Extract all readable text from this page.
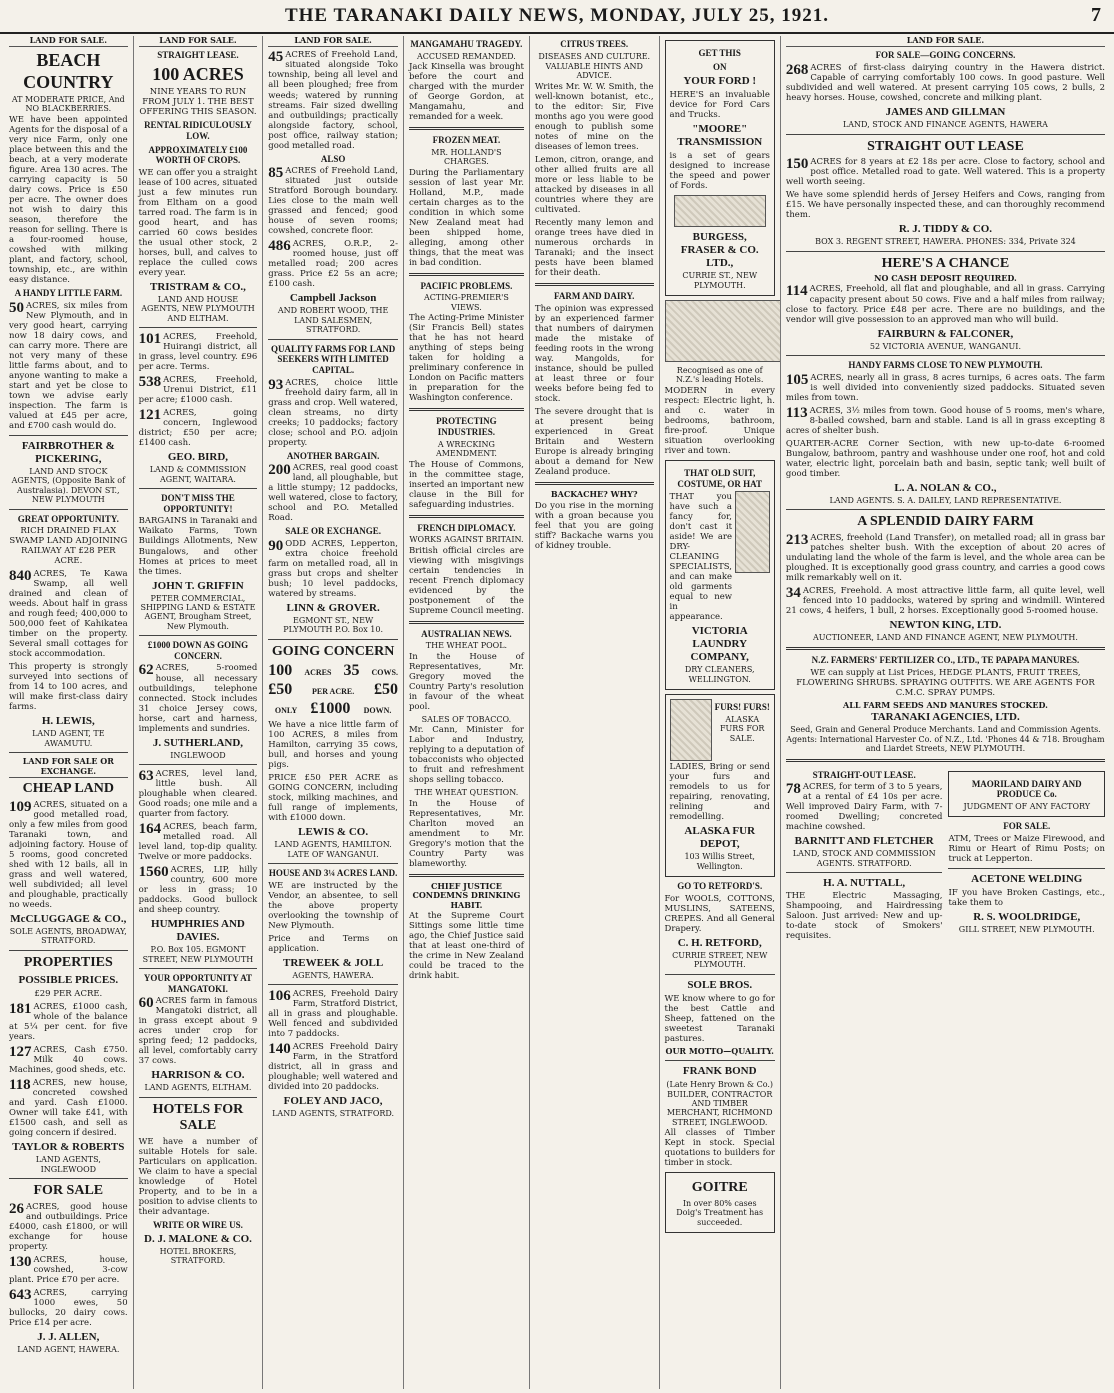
THE TARANAKI DAILY NEWS, MONDAY, JULY 25, 1921.	7
LAND FOR SALE.
BEACH COUNTRY
AT MODERATE PRICE, And NO BLACKBERRIES.
WE have been appointed Agents for the disposal of a very nice Farm, only one place between this and the beach, at a very moderate figure. Area 130 acres. The carrying capacity is 50 dairy cows. Price is £50 per acre. The owner does not wish to dairy this season, therefore the reason for selling. There is a four-roomed house, cowshed with milking plant, and factory, school, township, etc., are within easy distance.
A HANDY LITTLE FARM.
50 ACRES, six miles from New Plymouth, and in very good heart, carrying now 18 dairy cows, and can carry more. There are not very many of these little farms about, and to anyone wanting to make a start and yet be close to town we advise early inspection. The farm is valued at £45 per acre, and £700 cash would do.
FAIRBROTHER & PICKERING,
LAND AND STOCK AGENTS, (Opposite Bank of Australasia). DEVON ST., NEW PLYMOUTH
GREAT OPPORTUNITY.
RICH DRAINED FLAX SWAMP LAND ADJOINING RAILWAY AT £28 PER ACRE.
840 ACRES, Te Kawa Swamp, all well drained and clean of weeds. About half in grass and rough feed; 400,000 to 500,000 feet of Kahikatea timber on the property. Several small cottages for stock accommodation.
This property is strongly surveyed into sections of from 14 to 100 acres, and will make first-class dairy farms.
H. LEWIS,
LAND AGENT, TE AWAMUTU.
LAND FOR SALE OR EXCHANGE.
CHEAP LAND
109 ACRES, situated on a good metalled road, only a few miles from good Taranaki town, and adjoining factory. House of 5 rooms, good concreted shed with 12 bails, all in grass and well watered, well subdivided; all level and ploughable, practically no weeds.
McCLUGGAGE & CO.,
SOLE AGENTS, BROADWAY, STRATFORD.
PROPERTIES
POSSIBLE PRICES.
£29 PER ACRE.
181 ACRES, £1000 cash, whole of the balance at 5¼ per cent. for five years.
127 ACRES, Cash £750. Milk 40 cows. Machines, good sheds, etc.
118 ACRES, new house, concreted cowshed and yard. Cash £1000. Owner will take £41, with £1500 cash, and sell as going concern if desired.
TAYLOR & ROBERTS
LAND AGENTS, INGLEWOOD
FOR SALE
26 ACRES, good house and outbuildings. Price £4000, cash £1800, or will exchange for house property.
130 ACRES, house, cowshed, 3-cow plant. Price £70 per acre.
643 ACRES, carrying 1000 ewes, 50 bullocks, 20 dairy cows. Price £14 per acre.
J. J. ALLEN,
LAND AGENT, HAWERA.
LAND FOR SALE.
STRAIGHT LEASE.
100 ACRES
NINE YEARS TO RUN FROM JULY 1. THE BEST OFFERING THIS SEASON.
RENTAL RIDICULOUSLY LOW.
APPROXIMATELY £100 WORTH OF CROPS.
WE can offer you a straight lease of 100 acres, situated just a few minutes run from Eltham on a good tarred road. The farm is in good heart, and has carried 60 cows besides the usual other stock, 2 horses, bull, and calves to replace the culled cows every year.
TRISTRAM & CO.,
LAND AND HOUSE AGENTS, NEW PLYMOUTH AND ELTHAM.
101 ACRES, Freehold, Huirangi district, all in grass, level country. £96 per acre. Terms.
538 ACRES, Freehold, Urenui District, £11 per acre; £1000 cash.
121 ACRES, going concern, Inglewood district; £50 per acre; £1400 cash.
GEO. BIRD,
LAND & COMMISSION AGENT, WAITARA.
DON'T MISS THE OPPORTUNITY!
BARGAINS in Taranaki and Waikato Farms, Town Buildings Allotments, New Bungalows, and other Homes at prices to meet the times.
JOHN T. GRIFFIN
PETER COMMERCIAL, SHIPPING LAND & ESTATE AGENT, Brougham Street, New Plymouth.
£1000 DOWN AS GOING CONCERN.
62 ACRES, 5-roomed house, all necessary outbuildings, telephone connected. Stock includes 31 choice Jersey cows, horse, cart and harness, implements and sundries.
J. SUTHERLAND,
INGLEWOOD
63 ACRES, level land, little bush. All ploughable when cleared. Good roads; one mile and a quarter from factory.
164 ACRES, beach farm, metalled road. All level land, top-dip quality. Twelve or more paddocks.
1560 ACRES, LIP, hilly country, 600 more or less in grass; 10 paddocks. Good bullock and sheep country.
HUMPHRIES AND DAVIES.
P.O. Box 105. EGMONT STREET, NEW PLYMOUTH
YOUR OPPORTUNITY AT MANGATOKI.
60 ACRES farm in famous Mangatoki district, all in grass except about 9 acres under crop for spring feed; 12 paddocks, all level, comfortably carry 37 cows.
HARRISON & CO.
LAND AGENTS, ELTHAM.
HOTELS FOR SALE
WE have a number of suitable Hotels for sale. Particulars on application. We claim to have a special knowledge of Hotel Property, and to be in a position to advise clients to their advantage.
WRITE OR WIRE US.
D. J. MALONE & CO.
HOTEL BROKERS, STRATFORD.
LAND FOR SALE.
45 ACRES of Freehold Land, situated alongside Toko township, being all level and all been ploughed; free from weeds; watered by running streams. Fair sized dwelling and outbuildings; practically alongside factory, school, post office, railway station; good metalled road.
ALSO
85 ACRES of Freehold Land, situated just outside Stratford Borough boundary. Lies close to the main well grassed and fenced; good house of seven rooms; cowshed, concrete floor.
486 ACRES, O.R.P., 2-roomed house, just off metalled road; 200 acres grass. Price £2 5s an acre; £100 cash.
Campbell Jackson
AND ROBERT WOOD, THE LAND SALESMEN, STRATFORD.
QUALITY FARMS FOR LAND SEEKERS WITH LIMITED CAPITAL.
93 ACRES, choice little freehold dairy farm, all in grass and crop. Well watered, clean streams, no dirty creeks; 10 paddocks; factory close; school and P.O. adjoin property.
ANOTHER BARGAIN.
200 ACRES, real good coast land, all ploughable, but a little stumpy; 12 paddocks, well watered, close to factory, school and P.O. Metalled Road.
SALE OR EXCHANGE.
90 ODD ACRES, Lepperton, extra choice freehold farm on metalled road, all in grass but crops and shelter bush; 10 level paddocks, watered by streams.
LINN & GROVER.
EGMONT ST., NEW PLYMOUTH P.O. Box 10.
GOING CONCERN
100 ACRES 35 COWS.
£50 PER ACRE. £50
ONLY £1000 DOWN.
We have a nice little farm of 100 ACRES, 8 miles from Hamilton, carrying 35 cows, bull, and horses and young pigs.
PRICE £50 PER ACRE as GOING CONCERN, including stock, milking machines, and full range of implements, with £1000 down.
LEWIS & CO.
LAND AGENTS, HAMILTON. LATE OF WANGANUI.
HOUSE AND 3¼ ACRES LAND.
WE are instructed by the Vendor, an absentee, to sell the above property overlooking the township of New Plymouth.
Price and Terms on application.
TREWEEK & JOLL
AGENTS, HAWERA.
106 ACRES, Freehold Dairy Farm, Stratford District, all in grass and ploughable. Well fenced and subdivided into 7 paddocks.
140 ACRES Freehold Dairy Farm, in the Stratford district, all in grass and ploughable; well watered and divided into 20 paddocks.
FOLEY AND JACO,
LAND AGENTS, STRATFORD.
MANGAMAHU TRAGEDY.
ACCUSED REMANDED.
Jack Kinsella was brought before the court and charged with the murder of George Gordon, at Mangamahu, and remanded for a week.
FROZEN MEAT.
MR. HOLLAND'S CHARGES.
During the Parliamentary session of last year Mr. Holland, M.P., made certain charges as to the condition in which some New Zealand meat had been shipped home, alleging, among other things, that the meat was in bad condition.
PACIFIC PROBLEMS.
ACTING-PREMIER'S VIEWS.
The Acting-Prime Minister (Sir Francis Bell) states that he has not heard anything of steps being taken for holding a preliminary conference in London on Pacific matters in preparation for the Washington conference.
PROTECTING INDUSTRIES.
A WRECKING AMENDMENT.
The House of Commons, in the committee stage, inserted an important new clause in the Bill for safeguarding industries.
FRENCH DIPLOMACY.
WORKS AGAINST BRITAIN.
British official circles are viewing with misgivings certain tendencies in recent French diplomacy evidenced by the postponement of the Supreme Council meeting.
AUSTRALIAN NEWS.
THE WHEAT POOL.
In the House of Representatives, Mr. Gregory moved the Country Party's resolution in favour of the wheat pool.
SALES OF TOBACCO.
Mr. Cann, Minister for Labor and Industry, replying to a deputation of tobacconists who objected to fruit and refreshment shops selling tobacco.
THE WHEAT QUESTION.
In the House of Representatives, Mr. Charlton moved an amendment to Mr. Gregory's motion that the Country Party was blameworthy.
CHIEF JUSTICE CONDEMNS DRINKING HABIT.
At the Supreme Court Sittings some little time ago, the Chief Justice said that at least one-third of the crime in New Zealand could be traced to the drink habit.
CITRUS TREES.
DISEASES AND CULTURE.
VALUABLE HINTS AND ADVICE.
Writes Mr. W. W. Smith, the well-known botanist, etc., to the editor: Sir, Five months ago you were good enough to publish some notes of mine on the diseases of lemon trees.
Lemon, citron, orange, and other allied fruits are all more or less liable to be attacked by diseases in all countries where they are cultivated.
Recently many lemon and orange trees have died in numerous orchards in Taranaki; and the insect pests have been blamed for their death.
FARM AND DAIRY.
The opinion was expressed by an experienced farmer that numbers of dairymen made the mistake of feeding roots in the wrong way. Mangolds, for instance, should be pulled at least three or four weeks before being fed to stock.
The severe drought that is at present being experienced in Great Britain and Western Europe is already bringing about a demand for New Zealand produce.
BACKACHE? WHY?
Do you rise in the morning with a groan because you feel that you are going stiff? Backache warns you of kidney trouble.
GET THIS
ON
YOUR FORD !
HERE'S an invaluable device for Ford Cars and Trucks.
"MOORE" TRANSMISSION
is a set of gears designed to increase the speed and power of Fords.
BURGESS, FRASER & CO. LTD.,
CURRIE ST., NEW PLYMOUTH.
Recognised as one of N.Z.'s leading Hotels.
MODERN in every respect: Electric light, h. and c. water in bedrooms, bathroom, fire-proof. Unique situation overlooking river and town.
THAT OLD SUIT, COSTUME, OR HAT
THAT you have such a fancy for, don't cast it aside! We are DRY-CLEANING SPECIALISTS, and can make old garments equal to new in appearance.
VICTORIA LAUNDRY COMPANY,
DRY CLEANERS, WELLINGTON.
FURS! FURS!
ALASKA FURS FOR SALE.
LADIES, Bring or send your furs and remodels to us for repairing, renovating, relining and remodelling.
ALASKA FUR DEPOT,
103 Willis Street, Wellington.
GO TO RETFORD'S.
For WOOLS, COTTONS, MUSLINS, SATEENS, CREPES. And all General Drapery.
C. H. RETFORD,
CURRIE STREET, NEW PLYMOUTH.
SOLE BROS.
WE know where to go for the best Cattle and Sheep, fattened on the sweetest Taranaki pastures.
OUR MOTTO—QUALITY.
FRANK BOND
(Late Henry Brown & Co.) BUILDER, CONTRACTOR AND TIMBER MERCHANT, RICHMOND STREET, INGLEWOOD.
All classes of Timber Kept in stock. Special quotations to builders for timber in stock.
GOITRE
In over 80% cases Doig's Treatment has succeeded.
LAND FOR SALE.
FOR SALE—GOING CONCERNS.
268 ACRES of first-class dairying country in the Hawera district. Capable of carrying comfortably 100 cows. In good pasture. Well subdivided and well watered. At present carrying 105 cows, 2 bulls, 2 heavy horses. House, cowshed, concrete and milking plant.
JAMES AND GILLMAN
LAND, STOCK AND FINANCE AGENTS, HAWERA
STRAIGHT OUT LEASE
150 ACRES for 8 years at £2 18s per acre. Close to factory, school and post office. Metalled road to gate. Well watered. This is a property well worth seeing.
We have some splendid herds of Jersey Heifers and Cows, ranging from £15. We have personally inspected these, and can thoroughly recommend them.
R. J. TIDDY & CO.
BOX 3. REGENT STREET, HAWERA. PHONES: 334, Private 324
HERE'S A CHANCE
NO CASH DEPOSIT REQUIRED.
114 ACRES, Freehold, all flat and ploughable, and all in grass. Carrying capacity present about 50 cows. Five and a half miles from railway; close to factory. Price £48 per acre. There are no buildings, and the vendor will give possession to an approved man who will build.
FAIRBURN & FALCONER,
52 VICTORIA AVENUE, WANGANUI.
HANDY FARMS CLOSE TO NEW PLYMOUTH.
105 ACRES, nearly all in grass, 8 acres turnips, 6 acres oats. The farm is well divided into conveniently sized paddocks. Situated seven miles from town.
113 ACRES, 3½ miles from town. Good house of 5 rooms, men's whare, 8-bailed cowshed, barn and stable. Land is all in grass excepting 8 acres of shelter bush.
QUARTER-ACRE Corner Section, with new up-to-date 6-roomed Bungalow, bathroom, pantry and washhouse under one roof, hot and cold water, electric light, porcelain bath and basin, septic tank; well built of good timber.
L. A. NOLAN & CO.,
LAND AGENTS. S. A. DAILEY, LAND REPRESENTATIVE.
A SPLENDID DAIRY FARM
213 ACRES, freehold (Land Transfer), on metalled road; all in grass bar patches shelter bush. With the exception of about 20 acres of undulating land the whole of the farm is level, and the whole area can be ploughed. It is exceptionally good grass country, and carries a good cows milk remarkably well on it.
34 ACRES, Freehold. A most attractive little farm, all quite level, well fenced into 10 paddocks, watered by spring and windmill. Wintered 21 cows, 4 heifers, 1 bull, 2 horses. Exceptionally good 5-roomed house.
NEWTON KING, LTD.
AUCTIONEER, LAND AND FINANCE AGENT, NEW PLYMOUTH.
N.Z. FARMERS' FERTILIZER CO., LTD., TE PAPAPA MANURES.
WE can supply at List Prices, HEDGE PLANTS, FRUIT TREES, FLOWERING SHRUBS. SPRAYING OUTFITS. WE ARE AGENTS FOR C.M.C. SPRAY PUMPS.
ALL FARM SEEDS AND MANURES STOCKED.
TARANAKI AGENCIES, LTD.
Seed, Grain and General Produce Merchants. Land and Commission Agents. Agents: International Harvester Co. of N.Z., Ltd. 'Phones 44 & 718. Brougham and Liardet Streets, NEW PLYMOUTH.
STRAIGHT-OUT LEASE.
78 ACRES, for term of 3 to 5 years, at a rental of £4 10s per acre. Well improved Dairy Farm, with 7-roomed Dwelling; concreted machine cowshed.
BARNITT AND FLETCHER
LAND, STOCK AND COMMISSION AGENTS. STRATFORD.
H. A. NUTTALL,
THE Electric Massaging, Shampooing, and Hairdressing Saloon. Just arrived: New and up-to-date stock of Smokers' requisites.
MAORILAND DAIRY AND PRODUCE Co.
JUDGMENT OF ANY FACTORY
FOR SALE.
ATM, Trees or Maize Firewood, and Rimu or Heart of Rimu Posts; on truck at Lepperton.
ACETONE WELDING
IF you have Broken Castings, etc., take them to
R. S. WOOLDRIDGE,
GILL STREET, NEW PLYMOUTH.
